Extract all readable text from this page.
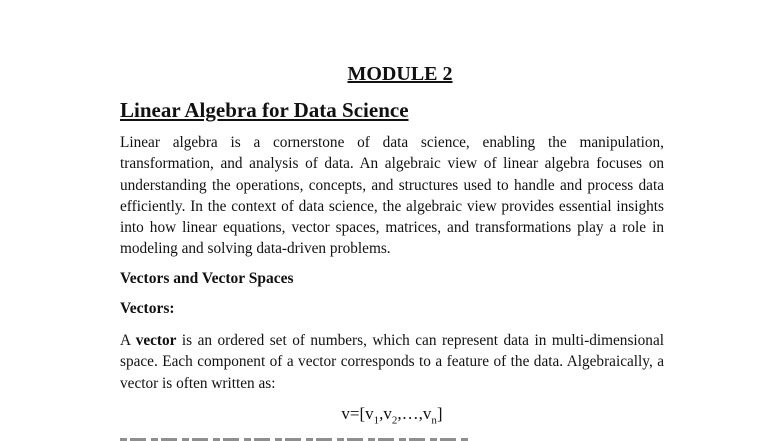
MODULE 2
Linear Algebra for Data Science

Linear algebra is a cornerstone of data science, enabling the manipulation, transformation, and analysis of data. An algebraic view of linear algebra focuses on understanding the operations, concepts, and structures used to handle and process data efficiently. In the context of data science, the algebraic view provides essential insights into how linear equations, vector spaces, matrices, and transformations play a role in modeling and solving data-driven problems.

Vectors and Vector Spaces
Vectors:

A vector is an ordered set of numbers, which can represent data in multi-dimensional space. Each component of a vector corresponds to a feature of the data. Algebraically, a vector is often written as:

$v=[v_1,v_2,\dots,v_n]$
